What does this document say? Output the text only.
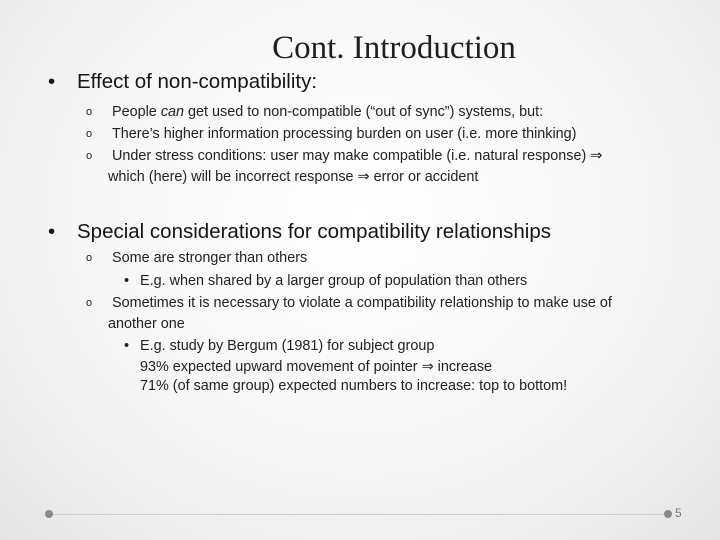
Cont. Introduction
• Effect of non-compatibility:
o People can get used to non-compatible (“out of sync”) systems, but:
o There’s higher information processing burden on user (i.e. more thinking)
o Under stress conditions: user may make compatible (i.e. natural response) ⇒
which (here) will be incorrect response ⇒ error or accident
• Special considerations for compatibility relationships
o Some are stronger than others
• E.g. when shared by a larger group of population than others
o Sometimes it is necessary to violate a compatibility relationship to make use of
another one
• E.g. study by Bergum (1981) for subject group
93% expected upward movement of pointer ⇒ increase
71% (of same group) expected numbers to increase: top to bottom!
5
